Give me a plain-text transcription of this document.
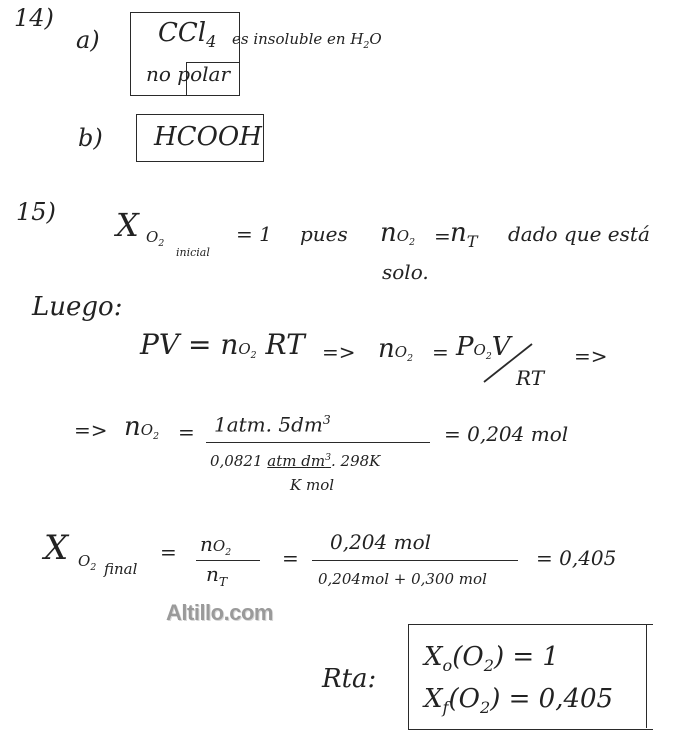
14)
a) CCl$_4$ es insoluble en $H_2O$
no polar
b) HCOOH
15) X $O_2$
inicial
= 1 pues $nO_2 = n_T$ dado que está
solo.
Luego:
PV = $nO_2$ RT => $nO_2 = PO_2V$
RT
=>
=> $nO_2 = 1atm$. $5dm^3$
0,0821 atm $dm^3$. 298K
K mol
= 0,204 mol
X $O_2$ final
= $nO_2$
$n_T$
=
0,204 mol
0,204mol + 0,300 mol
= 0,405
Altillo.com
Rta:
$X_o(O_2) = 1$
$X_f(O_2) = 0,405$
